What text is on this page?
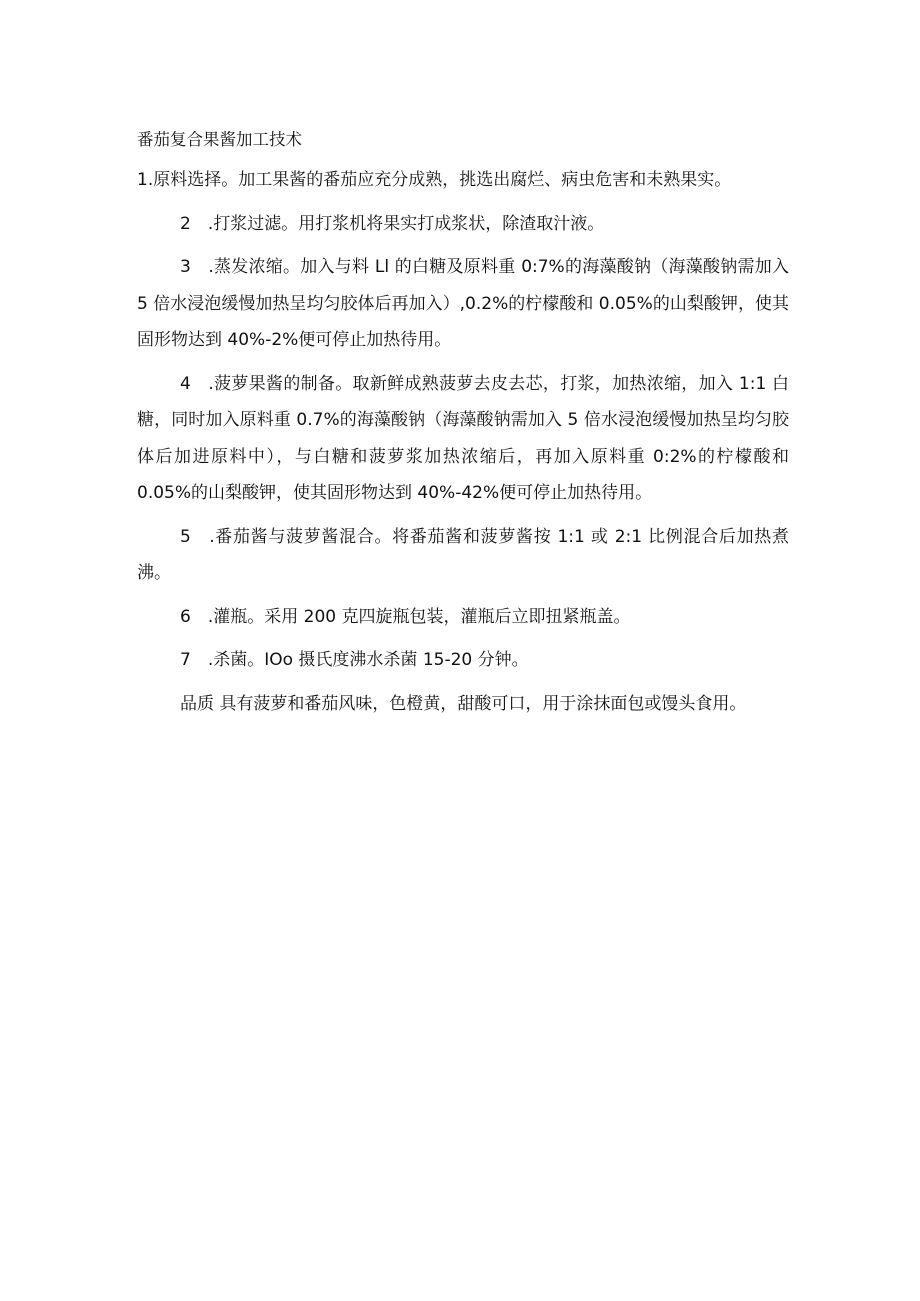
番茄复合果酱加工技术

1.原料选择。加工果酱的番茄应充分成熟，挑选出腐烂、病虫危害和未熟果实。

2　.打浆过滤。用打浆机将果实打成浆状，除渣取汁液。

3　.蒸发浓缩。加入与料 Ll 的白糖及原料重 0:7%的海藻酸钠（海藻酸钠需加入 5 倍水浸泡缓慢加热呈均匀胶体后再加入）,0.2%的柠檬酸和 0.05%的山梨酸钾，使其固形物达到 40%-2%便可停止加热待用。

4　.菠萝果酱的制备。取新鲜成熟菠萝去皮去芯，打浆，加热浓缩，加入 1:1 白糖，同时加入原料重 0.7%的海藻酸钠（海藻酸钠需加入 5 倍水浸泡缓慢加热呈均匀胶体后加进原料中），与白糖和菠萝浆加热浓缩后，再加入原料重 0:2%的柠檬酸和 0.05%的山梨酸钾，使其固形物达到 40%-42%便可停止加热待用。

5　.番茄酱与菠萝酱混合。将番茄酱和菠萝酱按 1:1 或 2:1 比例混合后加热煮沸。

6　.灌瓶。采用 200 克四旋瓶包装，灌瓶后立即扭紧瓶盖。

7　.杀菌。IOo 摄氏度沸水杀菌 15-20 分钟。

品质 具有菠萝和番茄风味，色橙黄，甜酸可口，用于涂抹面包或馒头食用。
